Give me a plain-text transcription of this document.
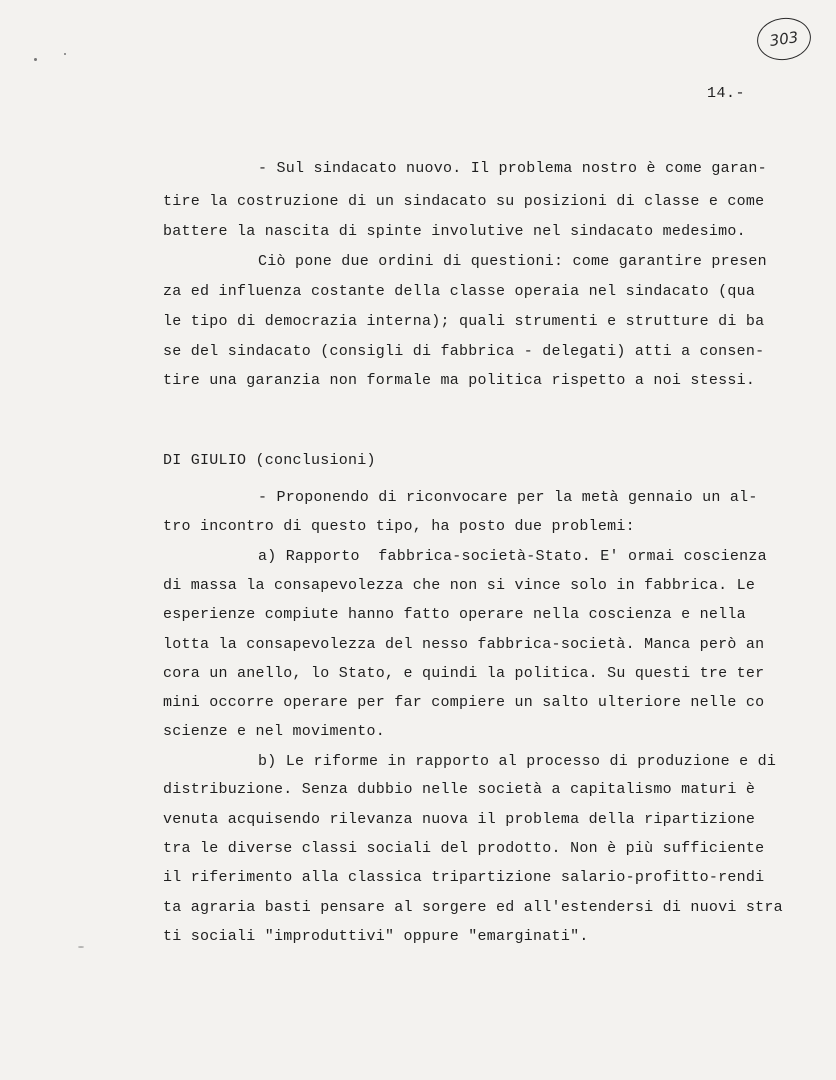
303
14.-
- Sul sindacato nuovo. Il problema nostro è come garan-
tire la costruzione di un sindacato su posizioni di classe e come
battere la nascita di spinte involutive nel sindacato medesimo.
Ciò pone due ordini di questioni: come garantire presen
za ed influenza costante della classe operaia nel sindacato (qua
le tipo di democrazia interna); quali strumenti e strutture di ba
se del sindacato (consigli di fabbrica - delegati) atti a consen-
tire una garanzia non formale ma politica rispetto a noi stessi.
DI GIULIO (conclusioni)
- Proponendo di riconvocare per la metà gennaio un al-
tro incontro di questo tipo, ha posto due problemi:
a) Rapporto  fabbrica-società-Stato. E' ormai coscienza
di massa la consapevolezza che non si vince solo in fabbrica. Le
esperienze compiute hanno fatto operare nella coscienza e nella
lotta la consapevolezza del nesso fabbrica-società. Manca però an
cora un anello, lo Stato, e quindi la politica. Su questi tre ter
mini occorre operare per far compiere un salto ulteriore nelle co
scienze e nel movimento.
b) Le riforme in rapporto al processo di produzione e di
distribuzione. Senza dubbio nelle società a capitalismo maturi è
venuta acquisendo rilevanza nuova il problema della ripartizione
tra le diverse classi sociali del prodotto. Non è più sufficiente
il riferimento alla classica tripartizione salario-profitto-rendi
ta agraria basti pensare al sorgere ed all'estendersi di nuovi stra
ti sociali "improduttivi" oppure "emarginati".
